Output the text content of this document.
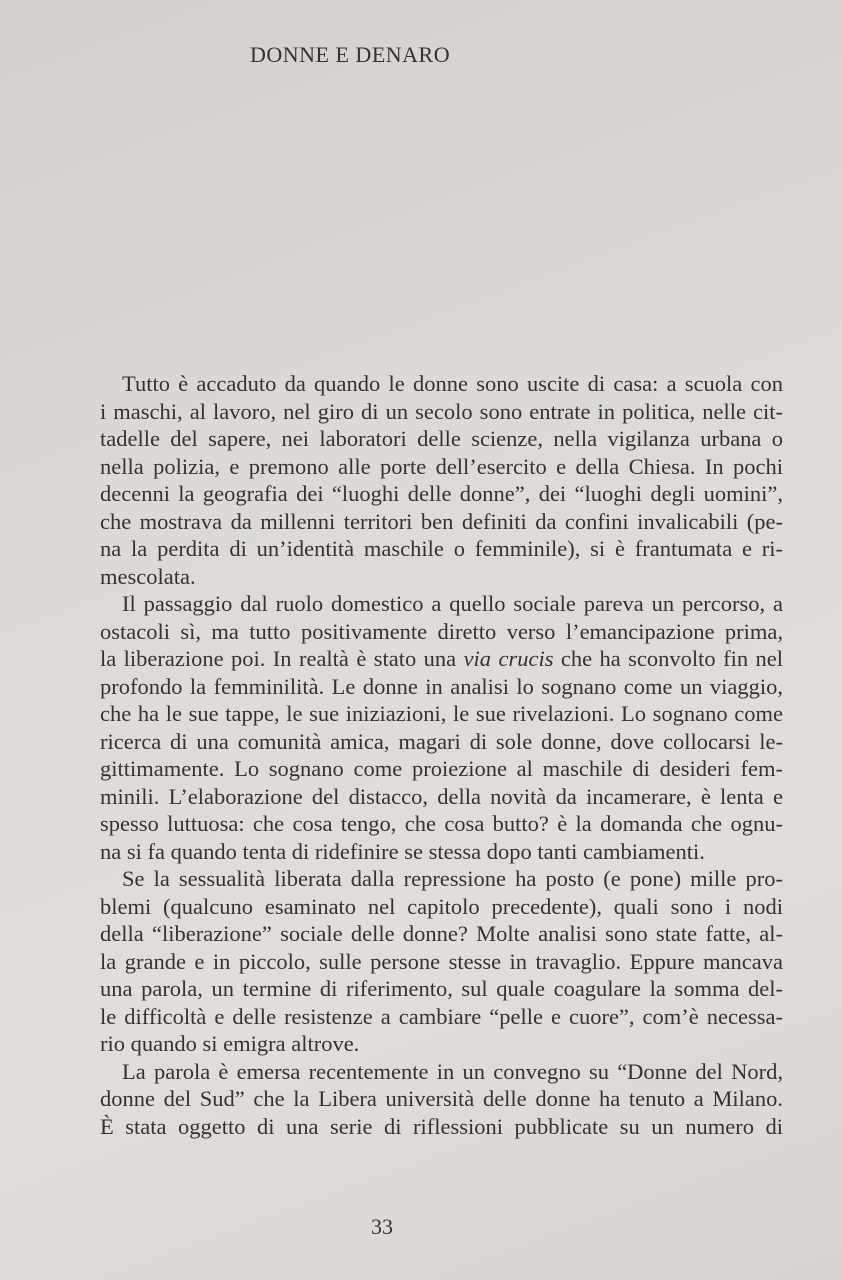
DONNE E DENARO
Tutto è accaduto da quando le donne sono uscite di casa: a scuola con
i maschi, al lavoro, nel giro di un secolo sono entrate in politica, nelle cit-
tadelle del sapere, nei laboratori delle scienze, nella vigilanza urbana o
nella polizia, e premono alle porte dell’esercito e della Chiesa. In pochi
decenni la geografia dei “luoghi delle donne”, dei “luoghi degli uomini”,
che mostrava da millenni territori ben definiti da confini invalicabili (pe-
na la perdita di un’identità maschile o femminile), si è frantumata e ri-
mescolata.
Il passaggio dal ruolo domestico a quello sociale pareva un percorso, a
ostacoli sì, ma tutto positivamente diretto verso l’emancipazione prima,
la liberazione poi. In realtà è stato una via crucis che ha sconvolto fin nel
profondo la femminilità. Le donne in analisi lo sognano come un viaggio,
che ha le sue tappe, le sue iniziazioni, le sue rivelazioni. Lo sognano come
ricerca di una comunità amica, magari di sole donne, dove collocarsi le-
gittimamente. Lo sognano come proiezione al maschile di desideri fem-
minili. L’elaborazione del distacco, della novità da incamerare, è lenta e
spesso luttuosa: che cosa tengo, che cosa butto? è la domanda che ognu-
na si fa quando tenta di ridefinire se stessa dopo tanti cambiamenti.
Se la sessualità liberata dalla repressione ha posto (e pone) mille pro-
blemi (qualcuno esaminato nel capitolo precedente), quali sono i nodi
della “liberazione” sociale delle donne? Molte analisi sono state fatte, al-
la grande e in piccolo, sulle persone stesse in travaglio. Eppure mancava
una parola, un termine di riferimento, sul quale coagulare la somma del-
le difficoltà e delle resistenze a cambiare “pelle e cuore”, com’è necessa-
rio quando si emigra altrove.
La parola è emersa recentemente in un convegno su “Donne del Nord,
donne del Sud” che la Libera università delle donne ha tenuto a Milano.
È stata oggetto di una serie di riflessioni pubblicate su un numero di
33
